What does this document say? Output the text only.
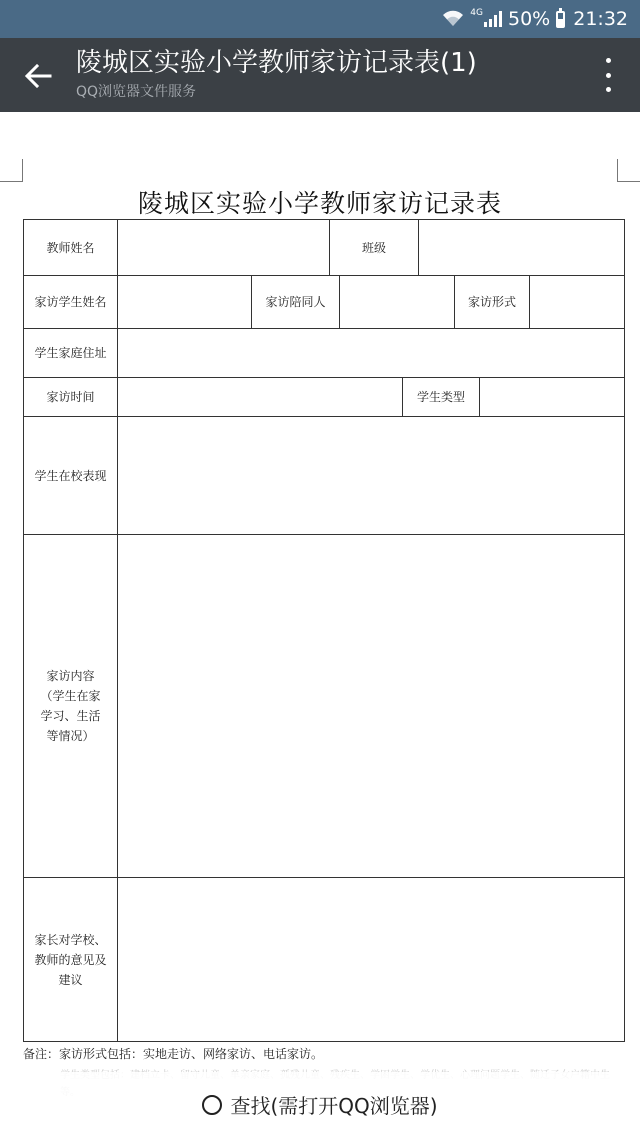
4G 50% 21:32
陵城区实验小学教师家访记录表(1)
QQ浏览器文件服务
陵城区实验小学教师家访记录表
教师姓名	班级
家访学生姓名	家访陪同人	家访形式
学生家庭住址
家访时间	学生类型
学生在校表现
家访内容（学生在家学习、生活等情况）
家长对学校、教师的意见及建议
备注：家访形式包括：实地走访、网络家访、电话家访。
查找(需打开QQ浏览器)
